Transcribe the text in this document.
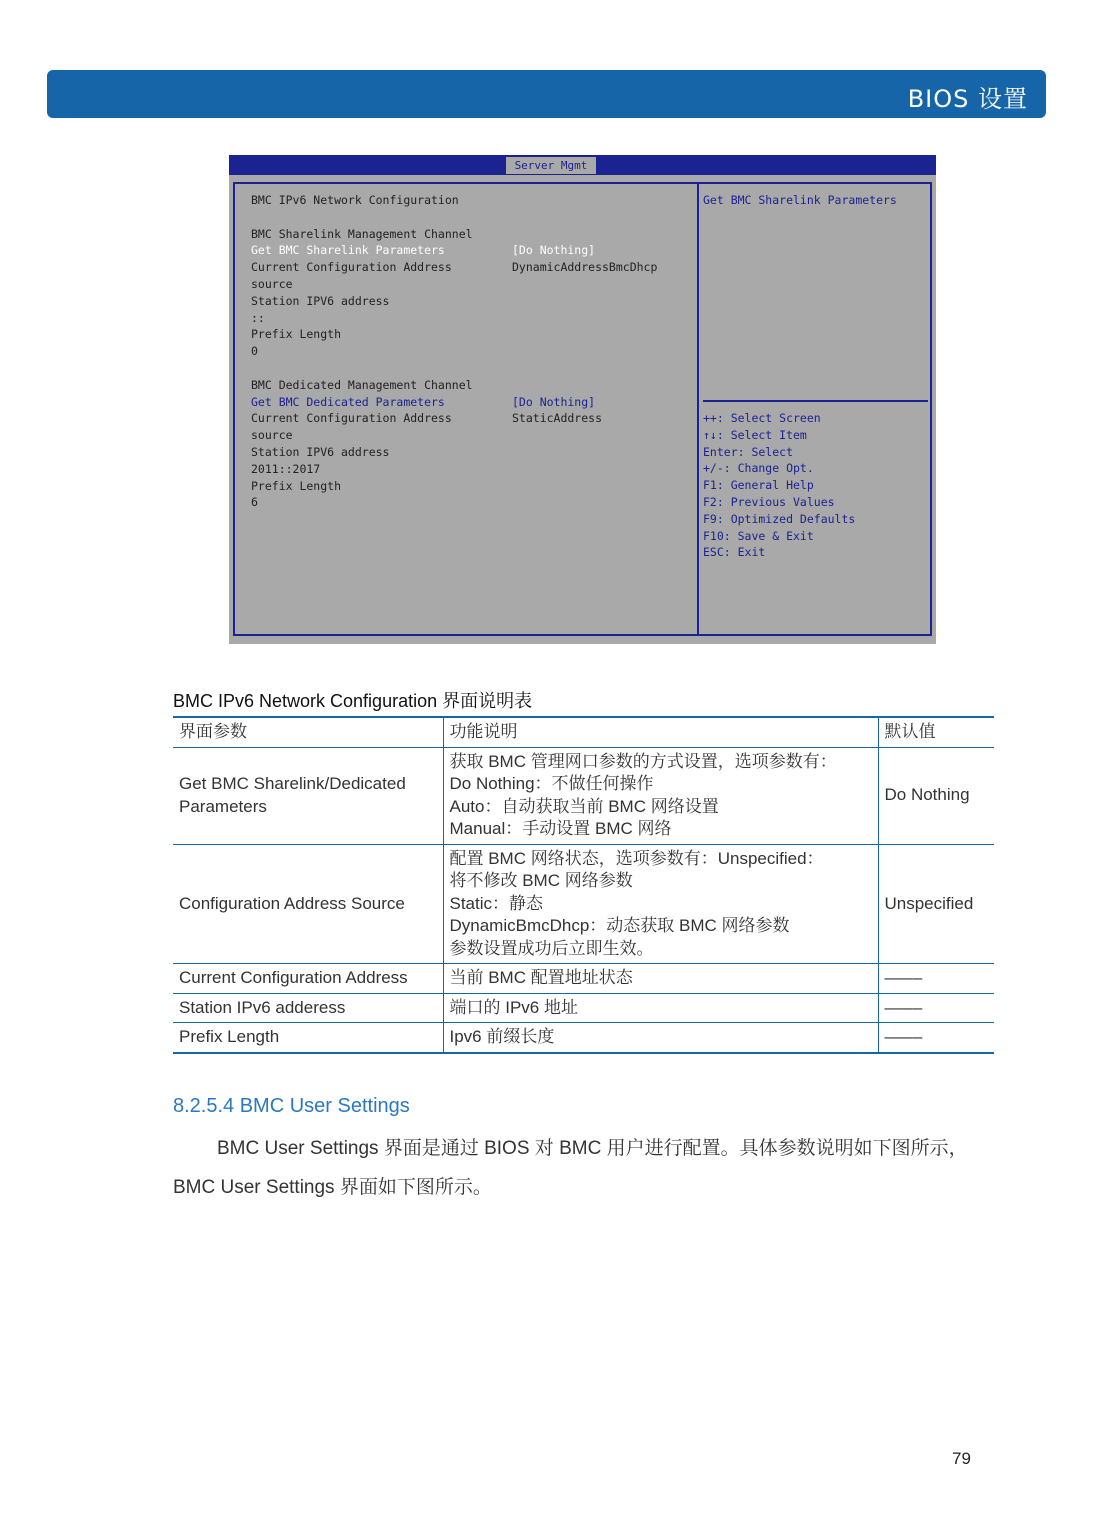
BIOS 设置
Server Mgmt
BMC IPv6 Network Configuration
BMC Sharelink Management Channel
Get BMC Sharelink Parameters	[Do Nothing]
Current Configuration Address	DynamicAddressBmcDhcp
source
Station IPV6 address
::
Prefix Length
0
BMC Dedicated Management Channel
Get BMC Dedicated Parameters	[Do Nothing]
Current Configuration Address	StaticAddress
source
Station IPV6 address
2011::2017
Prefix Length
6
Get BMC Sharelink Parameters
++: Select Screen
↑↓: Select Item
Enter: Select
+/-: Change Opt.
F1: General Help
F2: Previous Values
F9: Optimized Defaults
F10: Save & Exit
ESC: Exit
BMC IPv6 Network Configuration 界面说明表
界面参数	功能说明	默认值
Get BMC Sharelink/Dedicated Parameters	获取 BMC 管理网口参数的方式设置，选项参数有：
Do Nothing：不做任何操作
Auto：自动获取当前 BMC 网络设置
Manual：手动设置 BMC 网络	Do Nothing
Configuration Address Source	配置 BMC 网络状态，选项参数有：Unspecified：
将不修改 BMC 网络参数
Static：静态
DynamicBmcDhcp：动态获取 BMC 网络参数
参数设置成功后立即生效。	Unspecified
Current Configuration Address	当前 BMC 配置地址状态	––––
Station IPv6 adderess	端口的 IPv6 地址	––––
Prefix Length	Ipv6 前缀长度	––––
8.2.5.4 BMC User Settings
BMC User Settings 界面是通过 BIOS 对 BMC 用户进行配置。具体参数说明如下图所示，BMC User Settings 界面如下图所示。
79
